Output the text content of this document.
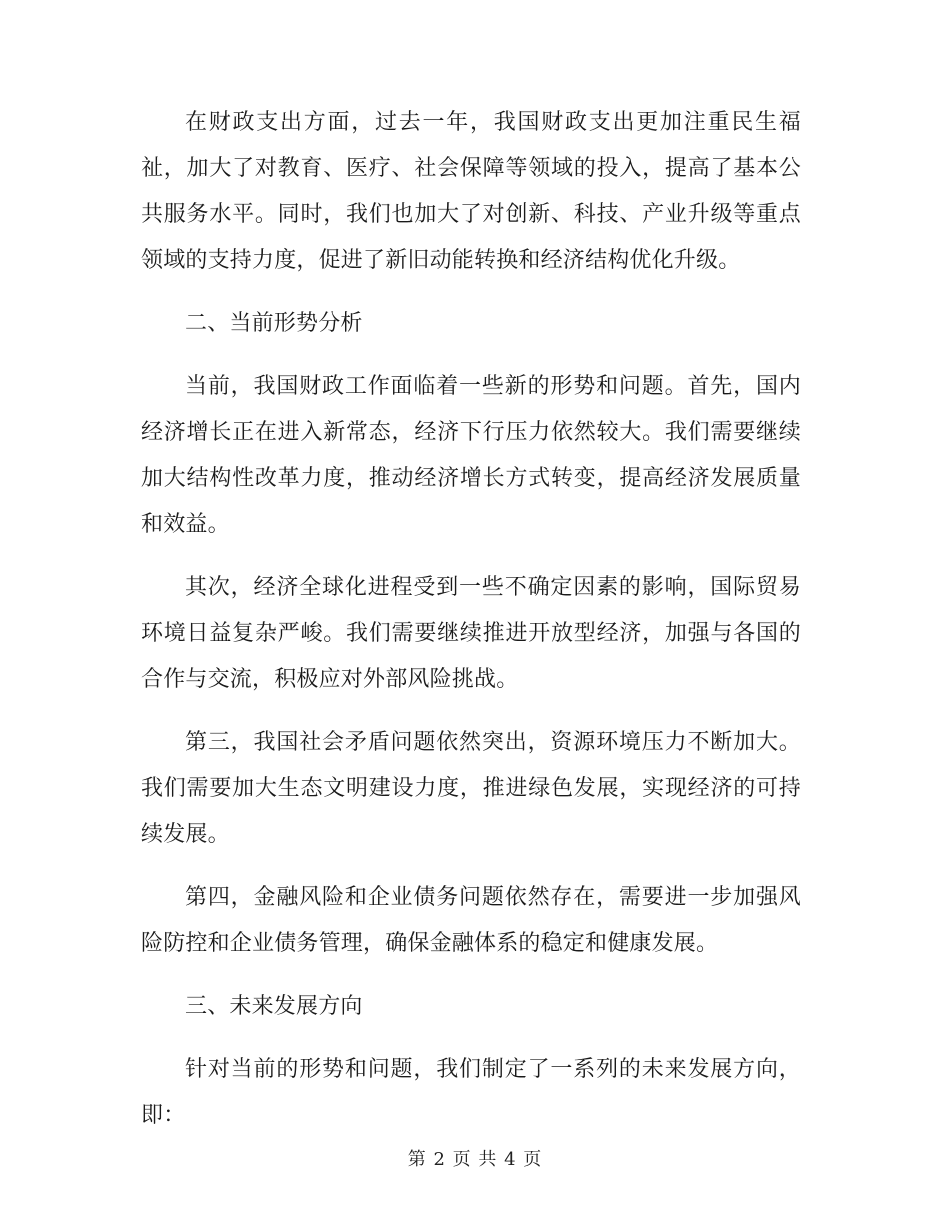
在财政支出方面，过去一年，我国财政支出更加注重民生福祉，加大了对教育、医疗、社会保障等领域的投入，提高了基本公共服务水平。同时，我们也加大了对创新、科技、产业升级等重点领域的支持力度，促进了新旧动能转换和经济结构优化升级。

二、当前形势分析

当前，我国财政工作面临着一些新的形势和问题。首先，国内经济增长正在进入新常态，经济下行压力依然较大。我们需要继续加大结构性改革力度，推动经济增长方式转变，提高经济发展质量和效益。

其次，经济全球化进程受到一些不确定因素的影响，国际贸易环境日益复杂严峻。我们需要继续推进开放型经济，加强与各国的合作与交流，积极应对外部风险挑战。

第三，我国社会矛盾问题依然突出，资源环境压力不断加大。我们需要加大生态文明建设力度，推进绿色发展，实现经济的可持续发展。

第四，金融风险和企业债务问题依然存在，需要进一步加强风险防控和企业债务管理，确保金融体系的稳定和健康发展。

三、未来发展方向

针对当前的形势和问题，我们制定了一系列的未来发展方向，即：

第 2 页 共 4 页
